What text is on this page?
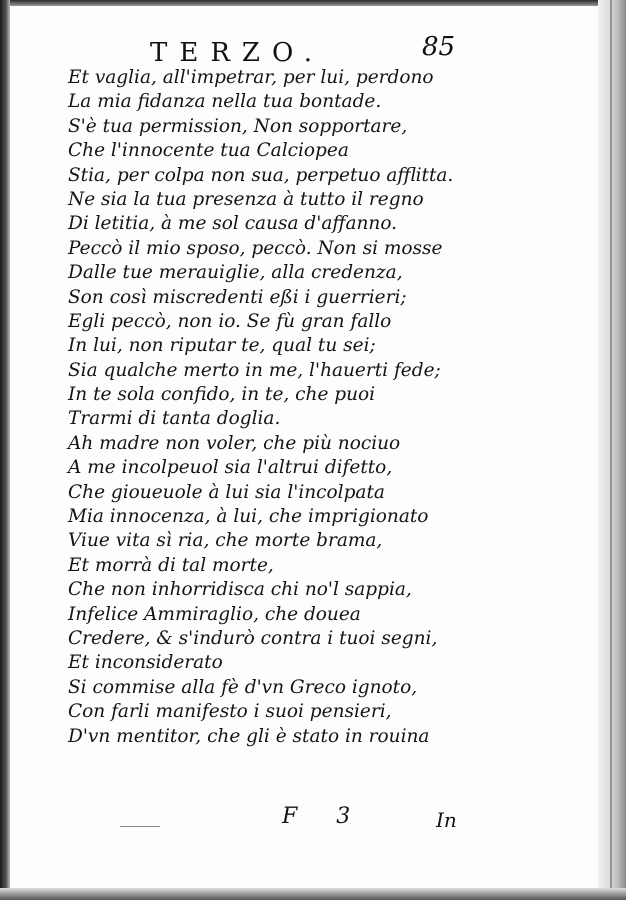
TERZO.	85
Et vaglia, all'impetrar, per lui, perdono
La mia fidanza nella tua bontade.
S'è tua permission, Non sopportare,
Che l'innocente tua Calciopea
Stia, per colpa non sua, perpetuo afflitta.
Ne sia la tua presenza à tutto il regno
Di letitia, à me sol causa d'affanno.
Peccò il mio sposo, peccò. Non si mosse
Dalle tue merauiglie, alla credenza,
Son così miscredenti eßi i guerrieri;
Egli peccò, non io. Se fù gran fallo
In lui, non riputar te, qual tu sei;
Sia qualche merto in me, l'hauerti fede;
In te sola confido, in te, che puoi
Trarmi di tanta doglia.
Ah madre non voler, che più nociuo
A me incolpeuol sia l'altrui difetto,
Che gioueuole à lui sia l'incolpata
Mia innocenza, à lui, che imprigionato
Viue vita sì ria, che morte brama,
Et morrà di tal morte,
Che non inhorridisca chi no'l sappia,
Infelice Ammiraglio, che douea
Credere, & s'indurò contra i tuoi segni,
Et inconsiderato
Si commise alla fè d'vn Greco ignoto,
Con farli manifesto i suoi pensieri,
D'vn mentitor, che gli è stato in rouina
F 3	In
